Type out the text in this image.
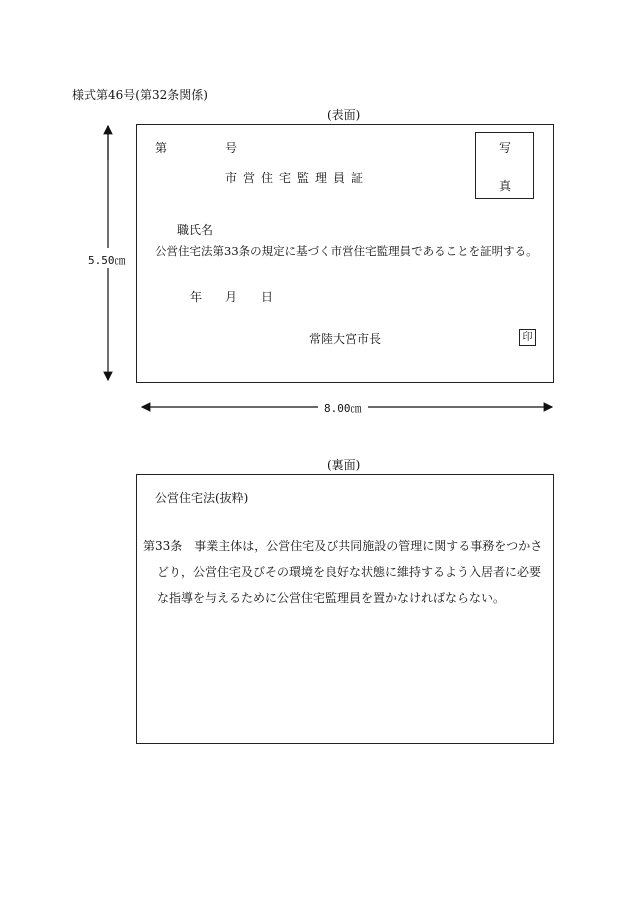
様式第46号(第32条関係)
(表面)
5.50㎝
8.00㎝
第	号
市営住宅監理員証
写
真
職氏名
公営住宅法第33条の規定に基づく市営住宅監理員であることを証明する。
年 月 日
常陸大宮市長	印
(裏面)
公営住宅法(抜粋)
第33条　事業主体は，公営住宅及び共同施設の管理に関する事務をつかさどり，公営住宅及びその環境を良好な状態に維持するよう入居者に必要な指導を与えるために公営住宅監理員を置かなければならない。
